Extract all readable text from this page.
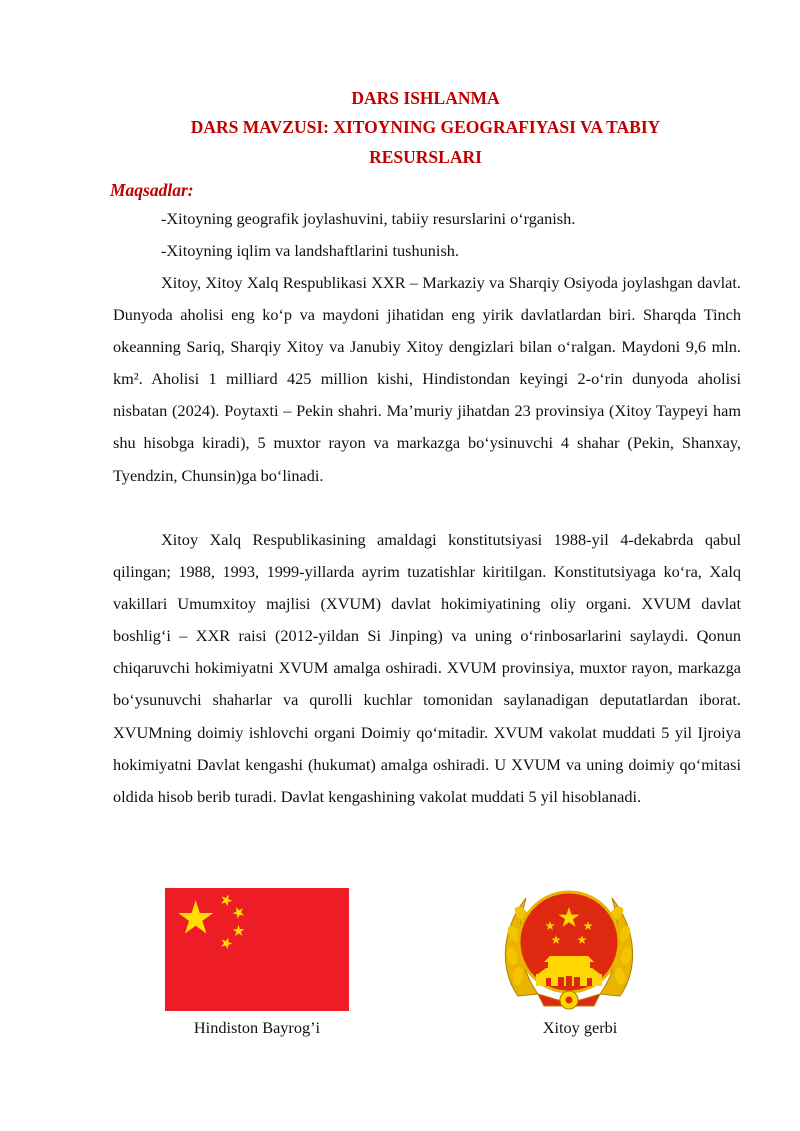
DARS ISHLANMA
DARS MAVZUSI: XITOYNING GEOGRAFIYASI VA TABIY
RESURSLARI
Maqsadlar:

-Xitoyning geografik joylashuvini, tabiiy resurslarini o‘rganish.

-Xitoyning iqlim va landshaftlarini tushunish.

Xitoy, Xitoy Xalq Respublikasi XXR – Markaziy va Sharqiy Osiyoda joylashgan davlat. Dunyoda aholisi eng ko‘p va maydoni jihatidan eng yirik davlatlardan biri. Sharqda Tinch okeanning Sariq, Sharqiy Xitoy va Janubiy Xitoy dengizlari bilan o‘ralgan. Maydoni 9,6 mln. km². Aholisi 1 milliard 425 million kishi, Hindistondan keyingi 2-o‘rin dunyoda aholisi nisbatan (2024). Poytaxti – Pekin shahri. Ma’muriy jihatdan 23 provinsiya (Xitoy Taypeyi ham shu hisobga kiradi), 5 muxtor rayon va markazga bo‘ysinuvchi 4 shahar (Pekin, Shanxay, Tyendzin, Chunsin)ga bo‘linadi.

Xitoy Xalq Respublikasining amaldagi konstitutsiyasi 1988-yil 4-dekabrda qabul qilingan; 1988, 1993, 1999-yillarda ayrim tuzatishlar kiritilgan. Konstitutsiyaga ko‘ra, Xalq vakillari Umumxitoy majlisi (XVUM) davlat hokimiyatining oliy organi. XVUM davlat boshlig‘i – XXR raisi (2012-yildan Si Jinping) va uning o‘rinbosarlarini saylaydi. Qonun chiqaruvchi hokimiyatni XVUM amalga oshiradi. XVUM provinsiya, muxtor rayon, markazga bo‘ysunuvchi shaharlar va qurolli kuchlar tomonidan saylanadigan deputatlardan iborat. XVUMning doimiy ishlovchi organi Doimiy qo‘mitadir. XVUM vakolat muddati 5 yil Ijroiya hokimiyatni Davlat kengashi (hukumat) amalga oshiradi. U XVUM va uning doimiy qo‘mitasi oldida hisob berib turadi. Davlat kengashining vakolat muddati 5 yil hisoblanadi.

Hindiston Bayrog’i	Xitoy gerbi
